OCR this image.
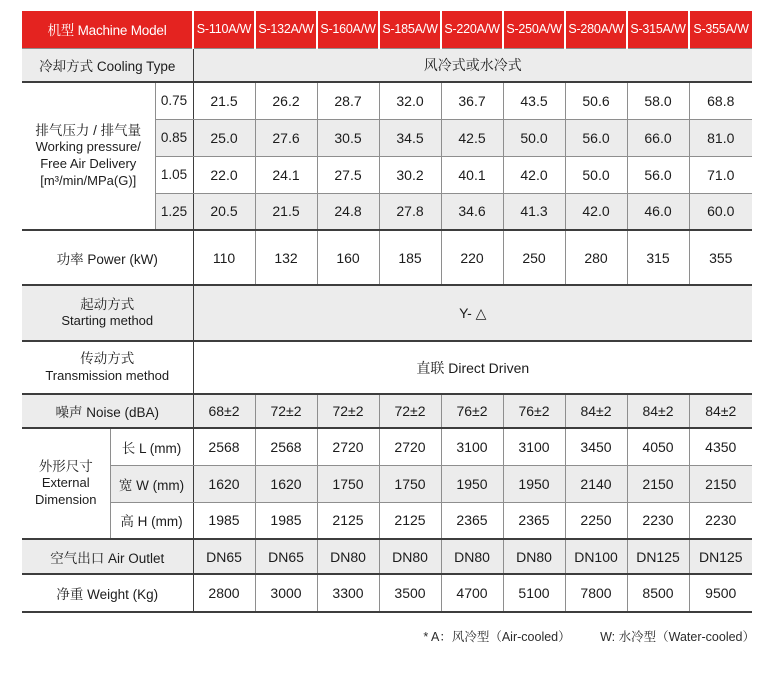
机型 Machine Model			S-110A/W	S-132A/W	S-160A/W	S-185A/W	S-220A/W	S-250A/W	S-280A/W	S-315A/W	S-355A/W
冷却方式 Cooling Type			风冷式或水冷式								

排气压力 / 排气量
Working pressure/
Free Air Delivery
[m³/min/MPa(G)]		0.75	21.5	26.2	28.7	32.0	36.7	43.5	50.6	58.0	68.8
		0.85	25.0	27.6	30.5	34.5	42.5	50.0	56.0	66.0	81.0
		1.05	22.0	24.1	27.5	30.2	40.1	42.0	50.0	56.0	71.0
		1.25	20.5	21.5	24.8	27.8	34.6	41.3	42.0	46.0	60.0
功率 Power (kW)			110	132	160	185	220	250	280	315	355

起动方式
Starting method			Y- △								

传动方式
Transmission method			直联 Direct Driven								
噪声 Noise (dBA)			68±2	72±2	72±2	72±2	76±2	76±2	84±2	84±2	84±2

外形尺寸
External
Dimension	长 L (mm)		2568	2568	2720	2720	3100	3100	3450	4050	4350
	宽 W (mm)		1620	1620	1750	1750	1950	1950	2140	2150	2150
	高 H (mm)		1985	1985	2125	2125	2365	2365	2250	2230	2230
空气出口 Air Outlet			DN65	DN65	DN80	DN80	DN80	DN80	DN100	DN125	DN125
净重 Weight (Kg)			2800	3000	3300	3500	4700	5100	7800	8500	9500
* A：风冷型（Air-cooled） W: 水冷型（Water-cooled）
